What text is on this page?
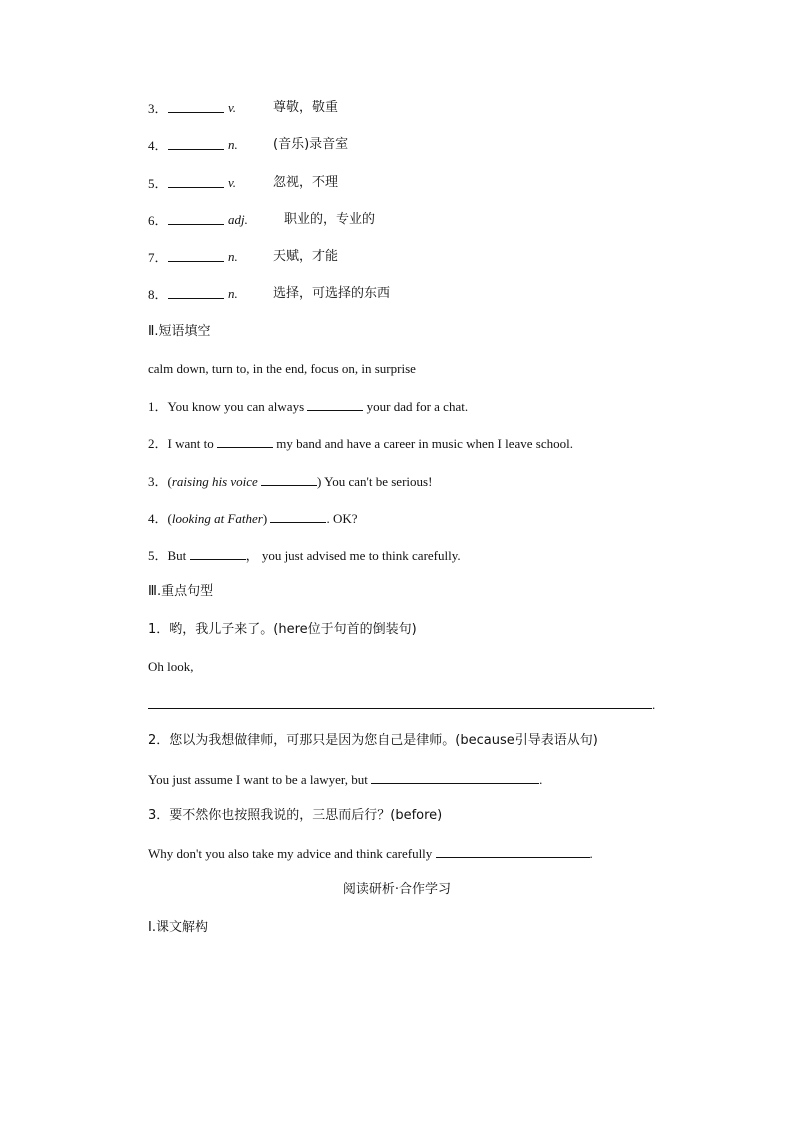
3．	v.	尊敬，敬重
4．	n.	(音乐)录音室
5．	v.	忽视，不理
6．	adj.	职业的，专业的
7．	n.	天赋，才能
8．	n.	选择，可选择的东西
Ⅱ.短语填空
calm down, turn to, in the end, focus on, in surprise
1．You know you can always	your dad for a chat.
2．I want to	my band and have a career in music when I leave school.
3．(raising his voice	) You can't be serious!
4．(looking at Father)	. OK?
5．But	， you just advised me to think carefully.
Ⅲ.重点句型
1．哟，我儿子来了。(here位于句首的倒装句)
Oh look,
.
2．您以为我想做律师，可那只是因为您自己是律师。(because引导表语从句)
You just assume I want to be a lawyer, but	.
3．要不然你也按照我说的，三思而后行？(before)
Why don't you also take my advice and think carefully	.
阅读研析·合作学习
Ⅰ.课文解构
